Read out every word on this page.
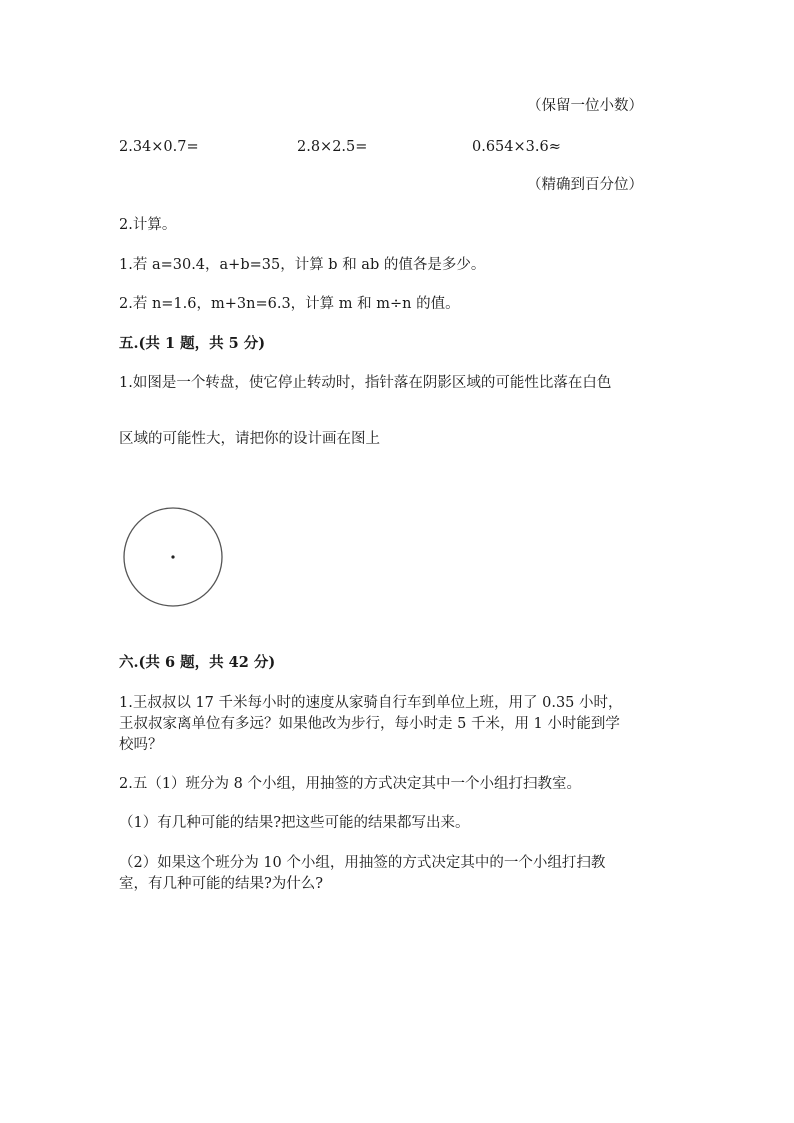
（保留一位小数）
2.34×0.7=	2.8×2.5=	0.654×3.6≈
（精确到百分位）
2.计算。
1.若 a=30.4，a+b=35，计算 b 和 ab 的值各是多少。
2.若 n=1.6，m+3n=6.3，计算 m 和 m÷n 的值。
五.(共 1 题，共 5 分)
1.如图是一个转盘，使它停止转动时，指针落在阴影区域的可能性比落在白色
区域的可能性大，请把你的设计画在图上
六.(共 6 题，共 42 分)
1.王叔叔以 17 千米每小时的速度从家骑自行车到单位上班，用了 0.35 小时，
王叔叔家离单位有多远？如果他改为步行，每小时走 5 千米，用 1 小时能到学
校吗？
2.五（1）班分为 8 个小组，用抽签的方式决定其中一个小组打扫教室。
（1）有几种可能的结果?把这些可能的结果都写出来。
（2）如果这个班分为 10 个小组，用抽签的方式决定其中的一个小组打扫教
室，有几种可能的结果?为什么?
